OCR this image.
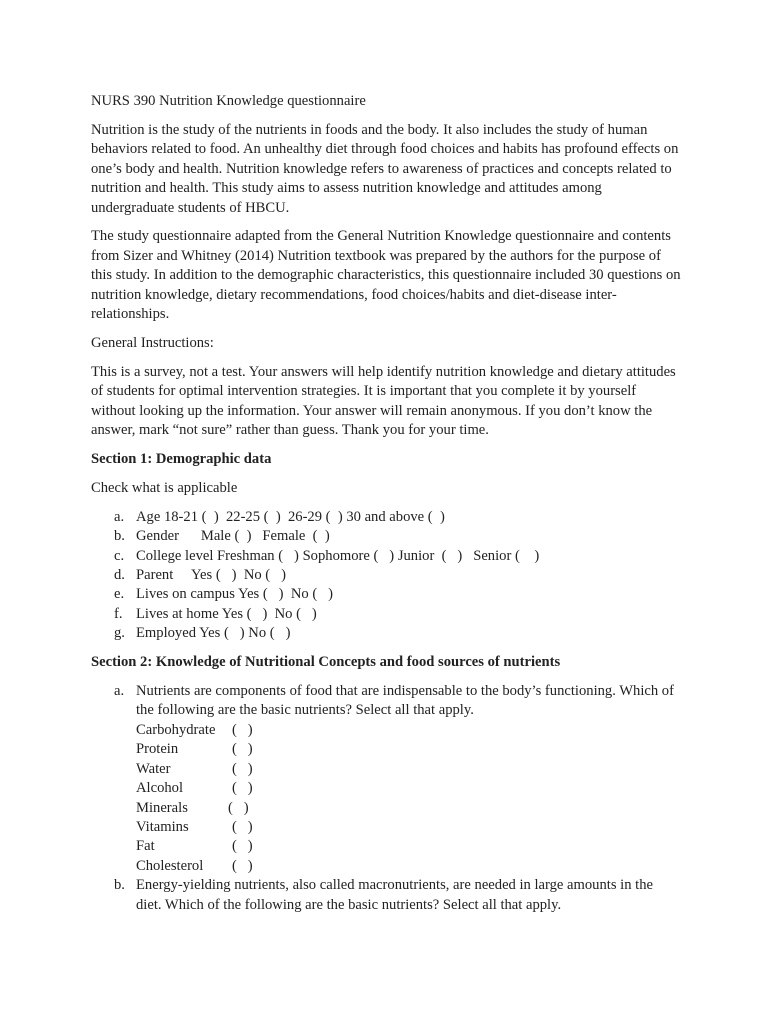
NURS 390 Nutrition Knowledge questionnaire

Nutrition is the study of the nutrients in foods and the body. It also includes the study of human behaviors related to food. An unhealthy diet through food choices and habits has profound effects on one’s body and health. Nutrition knowledge refers to awareness of practices and concepts related to nutrition and health. This study aims to assess nutrition knowledge and attitudes among undergraduate students of HBCU.

The study questionnaire adapted from the General Nutrition Knowledge questionnaire and contents from Sizer and Whitney (2014) Nutrition textbook was prepared by the authors for the purpose of this study. In addition to the demographic characteristics, this questionnaire included 30 questions on nutrition knowledge, dietary recommendations, food choices/habits and diet-disease inter-relationships.

General Instructions:

This is a survey, not a test. Your answers will help identify nutrition knowledge and dietary attitudes of students for optimal intervention strategies. It is important that you complete it by yourself without looking up the information. Your answer will remain anonymous. If you don’t know the answer, mark “not sure” rather than guess. Thank you for your time.

Section 1: Demographic data

Check what is applicable

a. Age 18-21 (  )  22-25 (  )  26-29 (  ) 30 and above (  )
b. Gender      Male (  )   Female  (  )
c. College level Freshman (   ) Sophomore (   ) Junior  (   )   Senior (    )
d. Parent     Yes (   )  No (   )
e. Lives on campus Yes (   )  No (   )
f. Lives at home Yes (   )  No (   )
g. Employed Yes (   ) No (   )

Section 2: Knowledge of Nutritional Concepts and food sources of nutrients

a. Nutrients are components of food that are indispensable to the body’s functioning. Which of the following are the basic nutrients? Select all that apply.
Carbohydrate (   )
Protein	(   )
Water	(   )
Alcohol	(   )
Minerals	(   )
Vitamins	(   )
Fat	(   )
Cholesterol (   )
b. Energy-yielding nutrients, also called macronutrients, are needed in large amounts in the diet. Which of the following are the basic nutrients? Select all that apply.
